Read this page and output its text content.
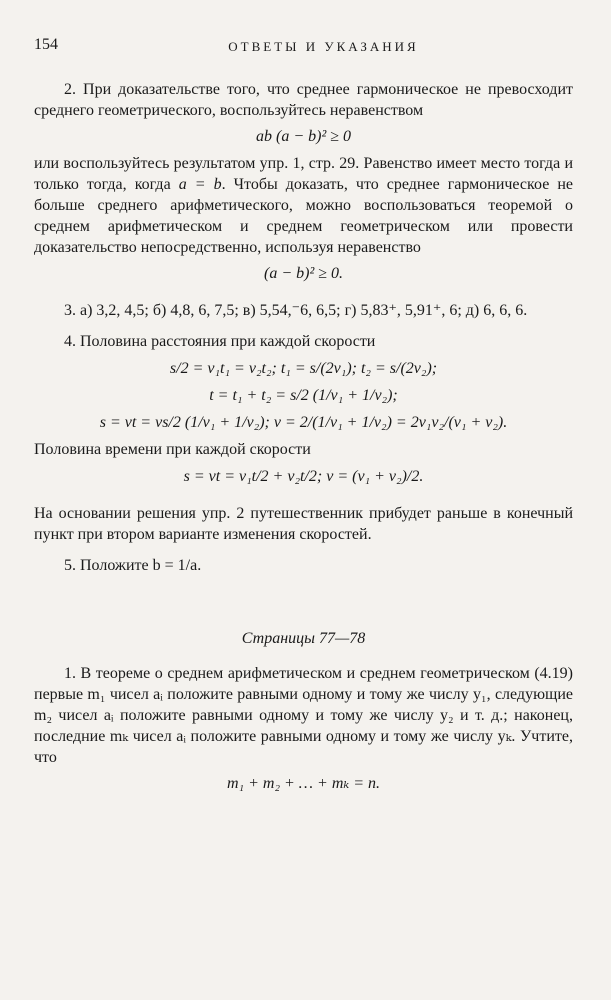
154	ОТВЕТЫ И УКАЗАНИЯ

2. При доказательстве того, что среднее гармоническое не превосходит среднего геометрического, воспользуйтесь неравенством

ab (a − b)² ≥ 0

или воспользуйтесь результатом упр. 1, стр. 29. Равенство имеет место тогда и только тогда, когда a = b. Чтобы доказать, что среднее гармоническое не больше среднего арифметического, можно воспользоваться теоремой о среднем арифметическом и среднем геометрическом или провести доказательство непосредственно, используя неравенство

(a − b)² ≥ 0.

3. а) 3,2, 4,5; б) 4,8, 6, 7,5; в) 5,54,⁻6, 6,5; г) 5,83⁺, 5,91⁺, 6; д) 6, 6, 6.

4. Половина расстояния при каждой скорости

s/2 = v₁t₁ = v₂t₂; t₁ = s/(2v₁); t₂ = s/(2v₂);
t = t₁ + t₂ = s/2 (1/v₁ + 1/v₂);
s = vt = vs/2 (1/v₁ + 1/v₂); v = 2/(1/v₁ + 1/v₂) = 2v₁v₂/(v₁ + v₂).

Половина времени при каждой скорости

s = vt = v₁t/2 + v₂t/2; v = (v₁ + v₂)/2.

На основании решения упр. 2 путешественник прибудет раньше в конечный пункт при втором варианте изменения скоростей.

5. Положите b = 1/a.

Страницы 77—78

1. В теореме о среднем арифметическом и среднем геометрическом (4.19) первые m₁ чисел aᵢ положите равными одному и тому же числу y₁, следующие m₂ чисел aᵢ положите равными одному и тому же числу y₂ и т. д.; наконец, последние mₖ чисел aᵢ положите равными одному и тому же числу yₖ. Учтите, что

m₁ + m₂ + … + mₖ = n.
